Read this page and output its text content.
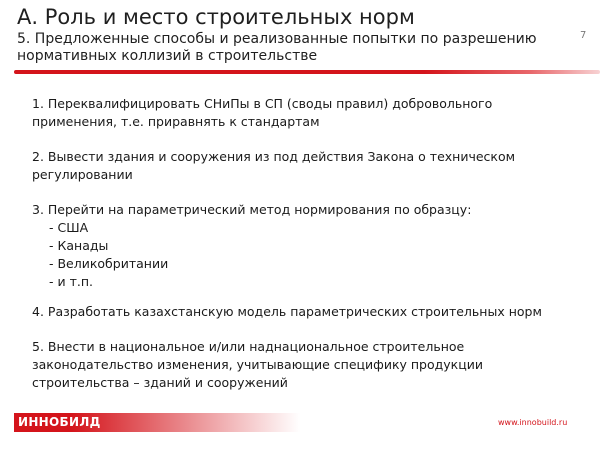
А. Роль и место строительных норм
5. Предложенные способы и реализованные попытки по разрешению нормативных коллизий в строительстве
7
1. Переквалифицировать СНиПы в СП (своды правил) добровольного применения, т.е. приравнять к стандартам
2. Вывести здания и сооружения из под действия Закона о техническом регулировании
3. Перейти на параметрический метод нормирования по образцу:
- США
- Канады
- Великобритании
- и т.п.
4. Разработать казахстанскую модель параметрических строительных норм
5. Внести в национальное и/или наднациональное строительное законодательство изменения, учитывающие специфику продукции строительства – зданий и сооружений
ИННОБИЛД	www.innobuild.ru
